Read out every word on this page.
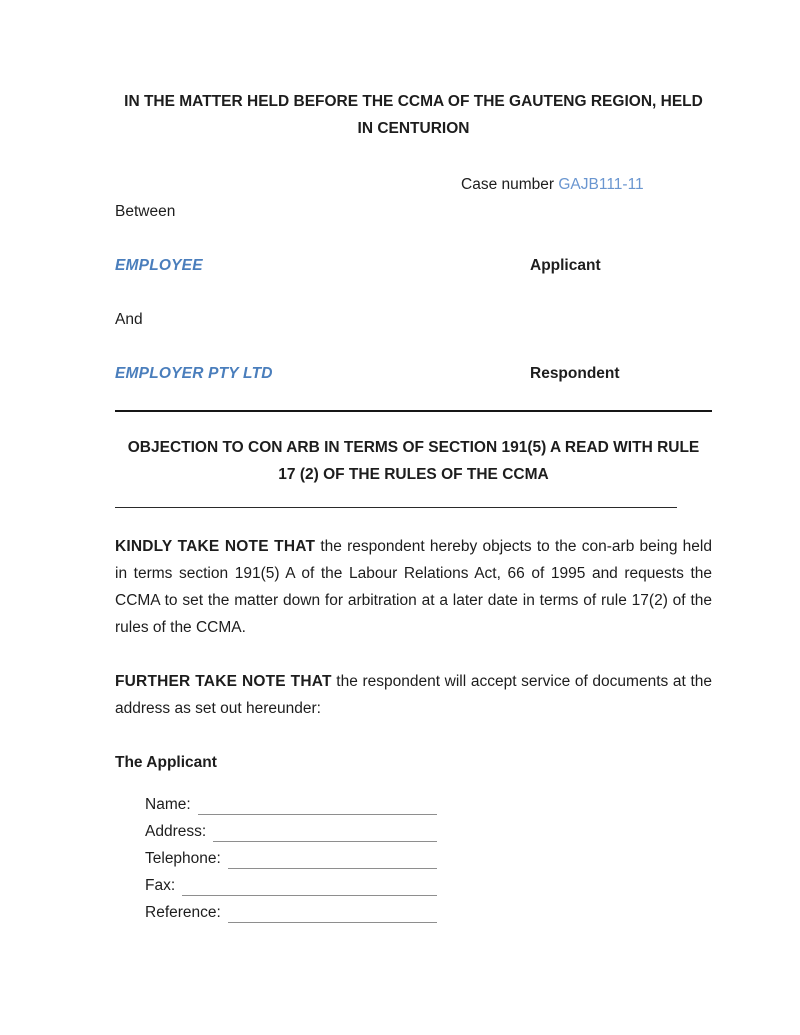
IN THE MATTER HELD BEFORE THE CCMA OF THE GAUTENG REGION, HELD
IN CENTURION
Case number GAJB111-11
Between
EMPLOYEE	Applicant
And
EMPLOYER PTY LTD	Respondent
OBJECTION TO CON ARB IN TERMS OF SECTION 191(5) A READ WITH RULE
17 (2) OF THE RULES OF THE CCMA

KINDLY TAKE NOTE THAT the respondent hereby objects to the con-arb being held in terms section 191(5) A of the Labour Relations Act, 66 of 1995 and requests the CCMA to set the matter down for arbitration at a later date in terms of rule 17(2) of the rules of the CCMA.

FURTHER TAKE NOTE THAT the respondent will accept service of documents at the address as set out hereunder:

The Applicant
Name:
Address:
Telephone:
Fax:
Reference:
